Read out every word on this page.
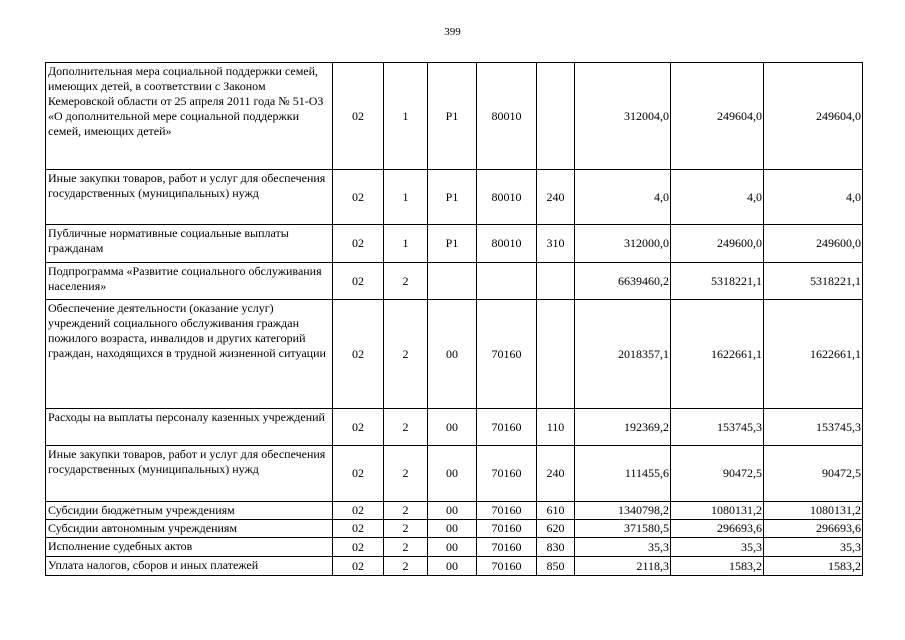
399
Дополнительная мера социальной поддержки семей, имеющих детей, в соответствии с Законом Кемеровской области от 25 апреля 2011 года № 51-ОЗ «О дополнительной мере социальной поддержки семей, имеющих детей»	02	1	P1	80010		312004,0	249604,0	249604,0
Иные закупки товаров, работ и услуг для обеспечения государственных (муниципальных) нужд	02	1	P1	80010	240	4,0	4,0	4,0
Публичные нормативные социальные выплаты гражданам	02	1	P1	80010	310	312000,0	249600,0	249600,0
Подпрограмма «Развитие социального обслуживания населения»	02	2				6639460,2	5318221,1	5318221,1
Обеспечение деятельности (оказание услуг) учреждений социального обслуживания граждан пожилого возраста, инвалидов и других категорий граждан, находящихся в трудной жизненной ситуации	02	2	00	70160		2018357,1	1622661,1	1622661,1
Расходы на выплаты персоналу казенных учреждений	02	2	00	70160	110	192369,2	153745,3	153745,3
Иные закупки товаров, работ и услуг для обеспечения государственных (муниципальных) нужд	02	2	00	70160	240	111455,6	90472,5	90472,5
Субсидии бюджетным учреждениям	02	2	00	70160	610	1340798,2	1080131,2	1080131,2
Субсидии автономным учреждениям	02	2	00	70160	620	371580,5	296693,6	296693,6
Исполнение судебных актов	02	2	00	70160	830	35,3	35,3	35,3
Уплата налогов, сборов и иных платежей	02	2	00	70160	850	2118,3	1583,2	1583,2
